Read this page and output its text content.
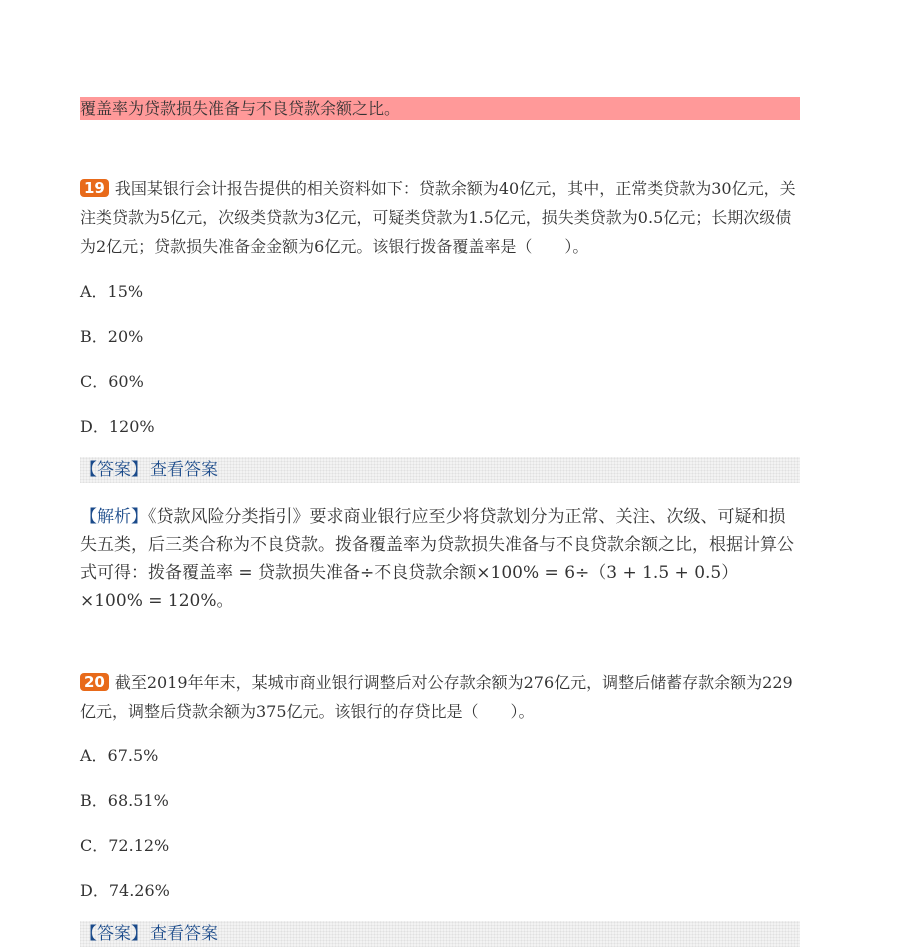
覆盖率为贷款损失准备与不良贷款余额之比。
19 我国某银行会计报告提供的相关资料如下：贷款余额为40亿元，其中，正常类贷款为30亿元，关注类贷款为5亿元，次级类贷款为3亿元，可疑类贷款为1.5亿元，损失类贷款为0.5亿元；长期次级债为2亿元；贷款损失准备金金额为6亿元。该银行拨备覆盖率是（　　）。
A．15%
B．20%
C．60%
D．120%
【答案】 查看答案
【解析】《贷款风险分类指引》要求商业银行应至少将贷款划分为正常、关注、次级、可疑和损失五类，后三类合称为不良贷款。拨备覆盖率为贷款损失准备与不良贷款余额之比，根据计算公式可得：拨备覆盖率 = 贷款损失准备÷不良贷款余额×100% = 6÷（3 + 1.5 + 0.5）×100% = 120%。
20 截至2019年年末，某城市商业银行调整后对公存款余额为276亿元，调整后储蓄存款余额为229亿元，调整后贷款余额为375亿元。该银行的存贷比是（　　）。
A．67.5%
B．68.51%
C．72.12%
D．74.26%
【答案】 查看答案
